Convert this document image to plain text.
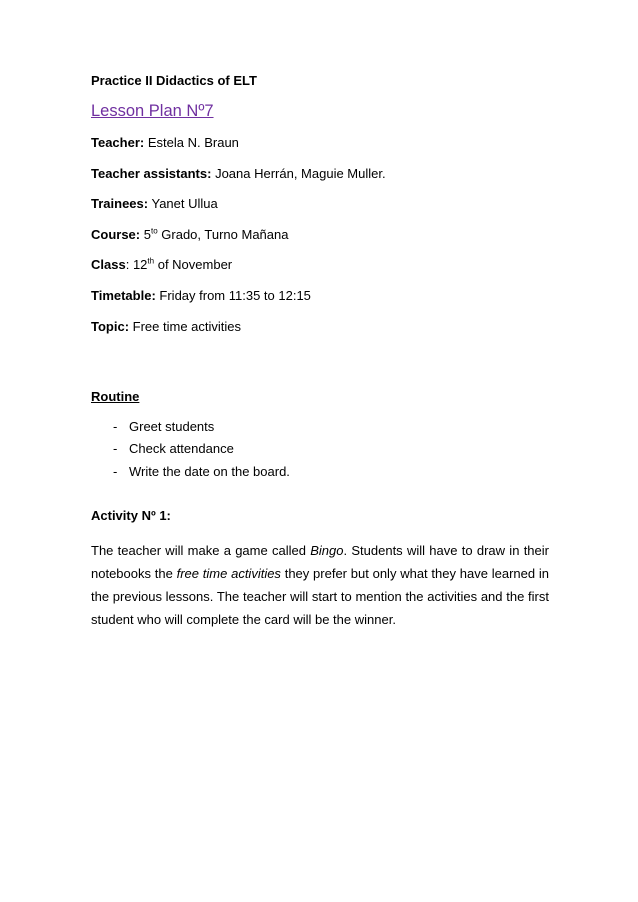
Practice II Didactics of ELT
Lesson Plan Nº7
Teacher: Estela N. Braun
Teacher assistants: Joana Herrán, Maguie Muller.
Trainees: Yanet Ullua
Course: $5^{to}$ Grado, Turno Mañana
Class: 12th of November
Timetable: Friday from 11:35 to 12:15
Topic: Free time activities
Routine
- Greet students
- Check attendance
- Write the date on the board.
Activity Nº 1:

The teacher will make a game called Bingo. Students will have to draw in their notebooks the free time activities they prefer but only what they have learned in the previous lessons. The teacher will start to mention the activities and the first student who will complete the card will be the winner.
